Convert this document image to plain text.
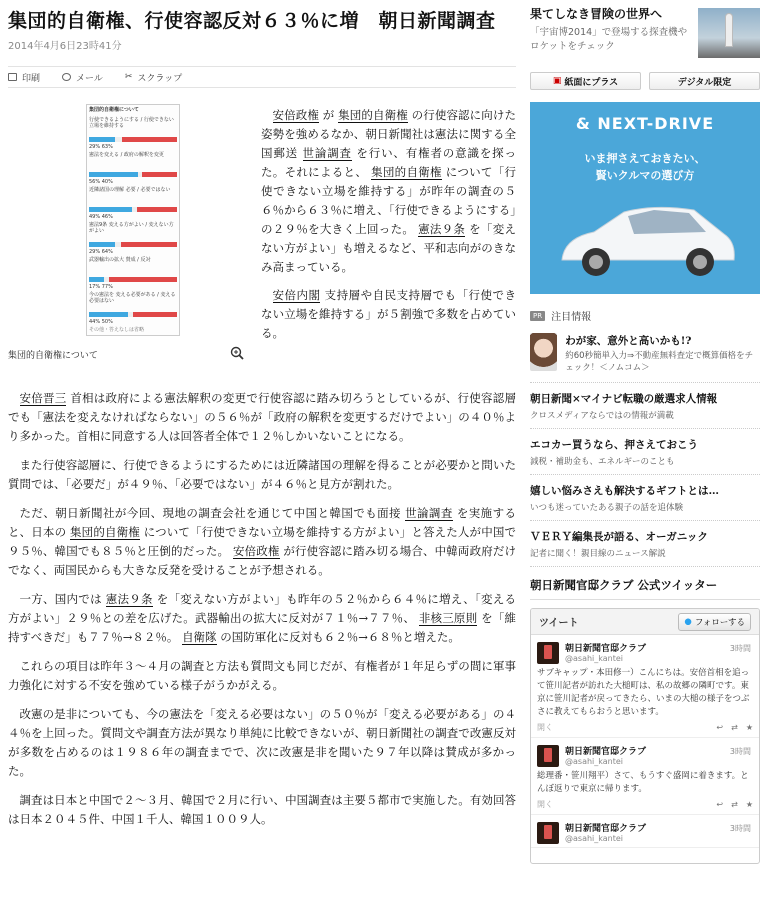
集団的自衛権、行使容認反対６３％に増　朝日新聞調査
2014年4月6日23時41分
印刷	メール ✂ スクラップ
集団的自衛権について
行使できるようにする / 行使できない立場を維持する
29% 63%
憲法を変える / 政府の解釈を変更
56% 40%
近隣諸国の理解 必要 / 必要ではない
49% 46%
憲法9条 変える方がよい / 変えない方がよい
29% 64%
武器輸出の拡大 賛成 / 反対
17% 77%
今の憲法を 変える必要がある / 変える必要はない
44% 50%
その他・答えなしは省略
集団的自衛権について

安倍政権 が 集団的自衛権 の行使容認に向けた姿勢を強めるなか、朝日新聞社は憲法に関する全国郵送 世論調査 を行い、有権者の意識を探った。それによると、 集団的自衛権 について「行使できない立場を維持する」が昨年の調査の５６％から６３％に増え、「行使できるようにする」の２９％を大きく上回った。 憲法９条 を「変えない方がよい」も増えるなど、平和志向がのきなみ高まっている。

安倍内閣 支持層や自民支持層でも「行使できない立場を維持する」が５割強で多数を占めている。

安倍晋三 首相は政府による憲法解釈の変更で行使容認に踏み切ろうとしているが、行使容認層でも「憲法を変えなければならない」の５６％が「政府の解釈を変更するだけでよい」の４０％より多かった。首相に同意する人は回答者全体で１２％しかいないことになる。

また行使容認層に、行使できるようにするためには近隣諸国の理解を得ることが必要かと問いた質問では、「必要だ」が４９％、「必要ではない」が４６％と見方が割れた。

ただ、朝日新聞社が今回、現地の調査会社を通じて中国と韓国でも面接 世論調査 を実施すると、日本の 集団的自衛権 について「行使できない立場を維持する方がよい」と答えた人が中国で９５％、韓国でも８５％と圧倒的だった。 安倍政権 が行使容認に踏み切る場合、中韓両政府だけでなく、両国民からも大きな反発を受けることが予想される。

一方、国内では 憲法９条 を「変えない方がよい」も昨年の５２％から６４％に増え、「変える方がよい」２９％との差を広げた。武器輸出の拡大に反対が７１％→７７％、 非核三原則 を「維持すべきだ」も７７％→８２％。 自衛隊 の国防軍化に反対も６２％→６８％と増えた。

これらの項目は昨年３～４月の調査と方法も質問文も同じだが、有権者が１年足らずの間に軍事力強化に対する不安を強めている様子がうかがえる。

改憲の是非についても、今の憲法を「変える必要はない」の５０％が「変える必要がある」の４４％を上回った。質問文や調査方法が異なり単純に比較できないが、朝日新聞社の調査で改憲反対が多数を占めるのは１９８６年の調査までで、次に改憲是非を聞いた９７年以降は賛成が多かった。

調査は日本と中国で２～３月、韓国で２月に行い、中国調査は主要５都市で実施した。有効回答は日本２０４５件、中国１千人、韓国１００９人。

果てしなき冒険の世界へ
「宇宙博2014」で登場する探査機やロケットをチェック
▣ 紙面にプラス	デジタル限定
& NEXT-DRIVE
いま押さえておきたい、
賢いクルマの選び方
PR 注目情報
わが家、意外と高いかも!?
約60秒簡単入力⇒不動産無料査定で概算価格をチェック！＜ノムコム＞
朝日新聞×マイナビ転職の厳選求人情報
クロスメディアならではの情報が満載
エコカー買うなら、押さえておこう
減税・補助金も、エネルギーのことも
嬉しい悩みさえも解決するギフトとは…
いつも迷っていたある親子の話を追体験
ＶＥＲＹ編集長が語る、オーガニック
記者に聞く！親目線のニュース解説
朝日新聞官邸クラブ 公式ツイッター
ツイート	● フォローする
朝日新聞官邸クラブ
@asahi_kantei
3時間
サブキャップ・本田修一）こんにちは。安倍首相を追って笹川記者が訪れた大槌町は、私の故郷の隣町です。東京に笹川記者が戻ってきたら、いまの大槌の様子をつぶさに教えてもらおうと思います。
開く	↩ ⇄ ★
朝日新聞官邸クラブ
@asahi_kantei
3時間
総理番・笹川翔平）さて、もうすぐ盛岡に着きます。とんぼ返りで東京に帰ります。
開く	↩ ⇄ ★
朝日新聞官邸クラブ
@asahi_kantei
3時間
